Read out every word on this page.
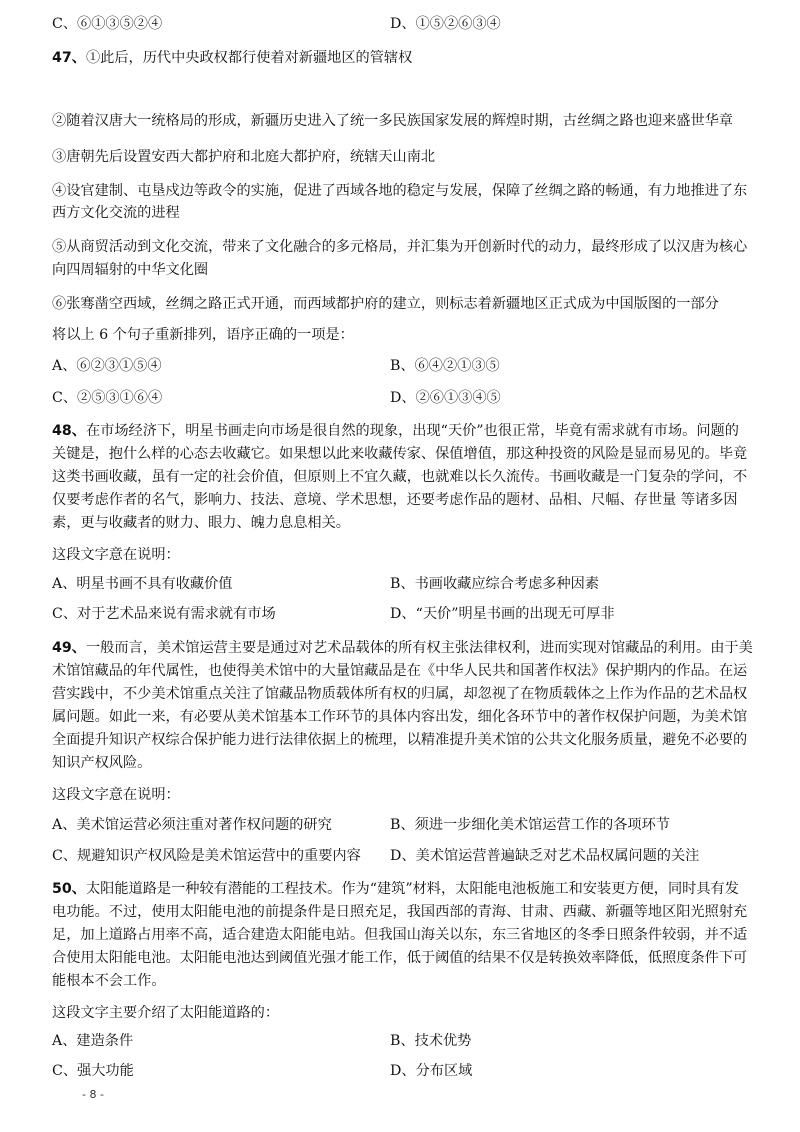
C、⑥①③⑤②④	D、①⑤②⑥③④
47、①此后，历代中央政权都行使着对新疆地区的管辖权
②随着汉唐大一统格局的形成，新疆历史进入了统一多民族国家发展的辉煌时期，古丝绸之路也迎来盛世华章
③唐朝先后设置安西大都护府和北庭大都护府，统辖天山南北
④设官建制、屯垦戍边等政令的实施，促进了西域各地的稳定与发展，保障了丝绸之路的畅通，有力地推进了东
西方文化交流的进程
⑤从商贸活动到文化交流，带来了文化融合的多元格局，并汇集为开创新时代的动力，最终形成了以汉唐为核心
向四周辐射的中华文化圈
⑥张骞凿空西域，丝绸之路正式开通，而西域都护府的建立，则标志着新疆地区正式成为中国版图的一部分
将以上 6 个句子重新排列，语序正确的一项是：
A、⑥②③①⑤④	B、⑥④②①③⑤
C、②⑤③①⑥④	D、②⑥①③④⑤
48、在市场经济下，明星书画走向市场是很自然的现象，出现“天价”也很正常，毕竟有需求就有市场。问题的
关键是，抱什么样的心态去收藏它。如果想以此来收藏传家、保值增值，那这种投资的风险是显而易见的。毕竟
这类书画收藏，虽有一定的社会价值，但原则上不宜久藏，也就难以长久流传。书画收藏是一门复杂的学问，不
仅要考虑作者的名气，影响力、技法、意境、学术思想，还要考虑作品的题材、品相、尺幅、存世量 等诸多因
素，更与收藏者的财力、眼力、魄力息息相关。
这段文字意在说明：
A、明星书画不具有收藏价值	B、书画收藏应综合考虑多种因素
C、对于艺术品来说有需求就有市场	D、“天价”明星书画的出现无可厚非
49、一般而言，美术馆运营主要是通过对艺术品载体的所有权主张法律权利，进而实现对馆藏品的利用。由于美
术馆馆藏品的年代属性，也使得美术馆中的大量馆藏品是在《中华人民共和国著作权法》保护期内的作品。在运
营实践中，不少美术馆重点关注了馆藏品物质载体所有权的归属，却忽视了在物质载体之上作为作品的艺术品权
属问题。如此一来，有必要从美术馆基本工作环节的具体内容出发，细化各环节中的著作权保护问题，为美术馆
全面提升知识产权综合保护能力进行法律依据上的梳理，以精准提升美术馆的公共文化服务质量，避免不必要的
知识产权风险。
这段文字意在说明：
A、美术馆运营必须注重对著作权问题的研究	B、须进一步细化美术馆运营工作的各项环节
C、规避知识产权风险是美术馆运营中的重要内容 D、美术馆运营普遍缺乏对艺术品权属问题的关注
50、太阳能道路是一种较有潜能的工程技术。作为“建筑”材料，太阳能电池板施工和安装更方便，同时具有发
电功能。不过，使用太阳能电池的前提条件是日照充足，我国西部的青海、甘肃、西藏、新疆等地区阳光照射充
足，加上道路占用率不高，适合建造太阳能电站。但我国山海关以东，东三省地区的冬季日照条件较弱，并不适
合使用太阳能电池。太阳能电池达到阈值光强才能工作，低于阈值的结果不仅是转换效率降低，低照度条件下可
能根本不会工作。
这段文字主要介绍了太阳能道路的：
A、建造条件	B、技术优势
C、强大功能	D、分布区域
- 8 -
